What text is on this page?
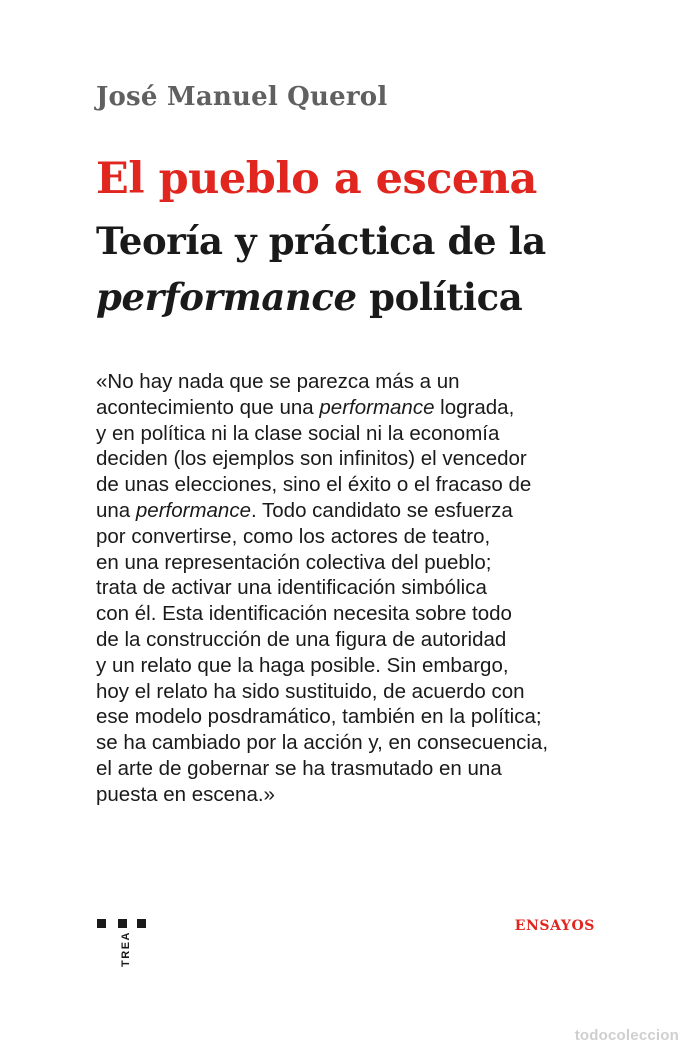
José Manuel Querol
El pueblo a escena
Teoría y práctica de la
performance política
«No hay nada que se parezca más a un
acontecimiento que una performance lograda,
y en política ni la clase social ni la economía
deciden (los ejemplos son infinitos) el vencedor
de unas elecciones, sino el éxito o el fracaso de
una performance. Todo candidato se esfuerza
por convertirse, como los actores de teatro,
en una representación colectiva del pueblo;
trata de activar una identificación simbólica
con él. Esta identificación necesita sobre todo
de la construcción de una figura de autoridad
y un relato que la haga posible. Sin embargo,
hoy el relato ha sido sustituido, de acuerdo con
ese modelo posdramático, también en la política;
se ha cambiado por la acción y, en consecuencia,
el arte de gobernar se ha trasmutado en una
puesta en escena.»
TREA
ENSAYOS
todocoleccion
